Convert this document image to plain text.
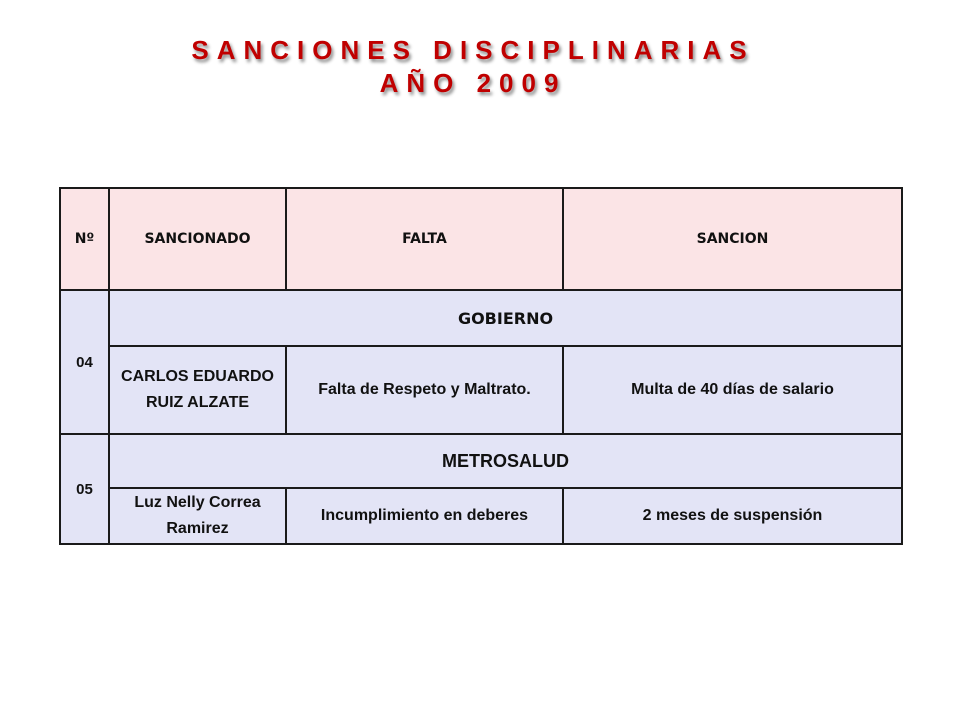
SANCIONES DISCIPLINARIAS
AÑO 2009
Nº	SANCIONADO	FALTA	SANCION
04	GOBIERNO		
	CARLOS EDUARDO RUIZ ALZATE	Falta de Respeto y Maltrato.	Multa de 40 días de salario
05	METROSALUD		
	Luz Nelly Correa Ramirez	Incumplimiento en deberes	2 meses de suspensión
